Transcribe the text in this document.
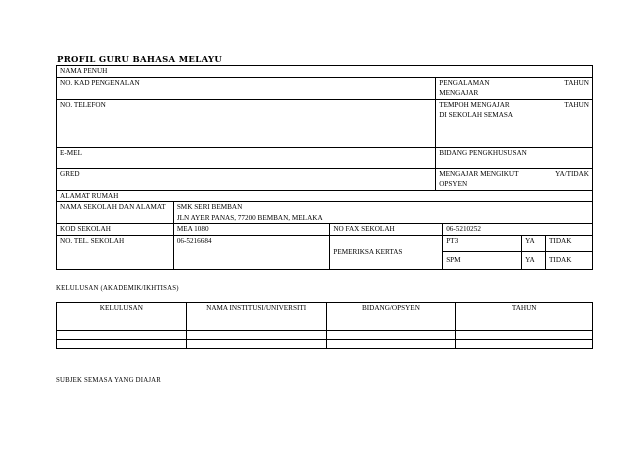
PROFIL GURU BAHASA MELAYU
NAMA PENUH						
NO. KAD PENGENALAN			PENGALAMAN MENGAJAR		TAHUN	
NO. TELEFON			TEMPOH MENGAJAR DI SEKOLAH SEMASA		TAHUN	
E-MEL			BIDANG PENGKHUSUSAN			
GRED			MENGAJAR MENGIKUT OPSYEN		YA/TIDAK	
ALAMAT RUMAH						
NAMA SEKOLAH DAN ALAMAT	SMK SERI BEMBAN
JLN AYER PANAS, 77200 BEMBAN, MELAKA					

KOD SEKOLAH	MEA 1080	NO FAX SEKOLAH		06-5210252		
NO. TEL. SEKOLAH	06-5216684	PEMERIKSA KERTAS		PT3	YA	TIDAK
				SPM	YA	TIDAK
KELULUSAN (AKADEMIK/IKHTISAS)
KELULUSAN	NAMA INSTITUSI/UNIVERSITI	BIDANG/OPSYEN	TAHUN

SUBJEK SEMASA YANG DIAJAR
